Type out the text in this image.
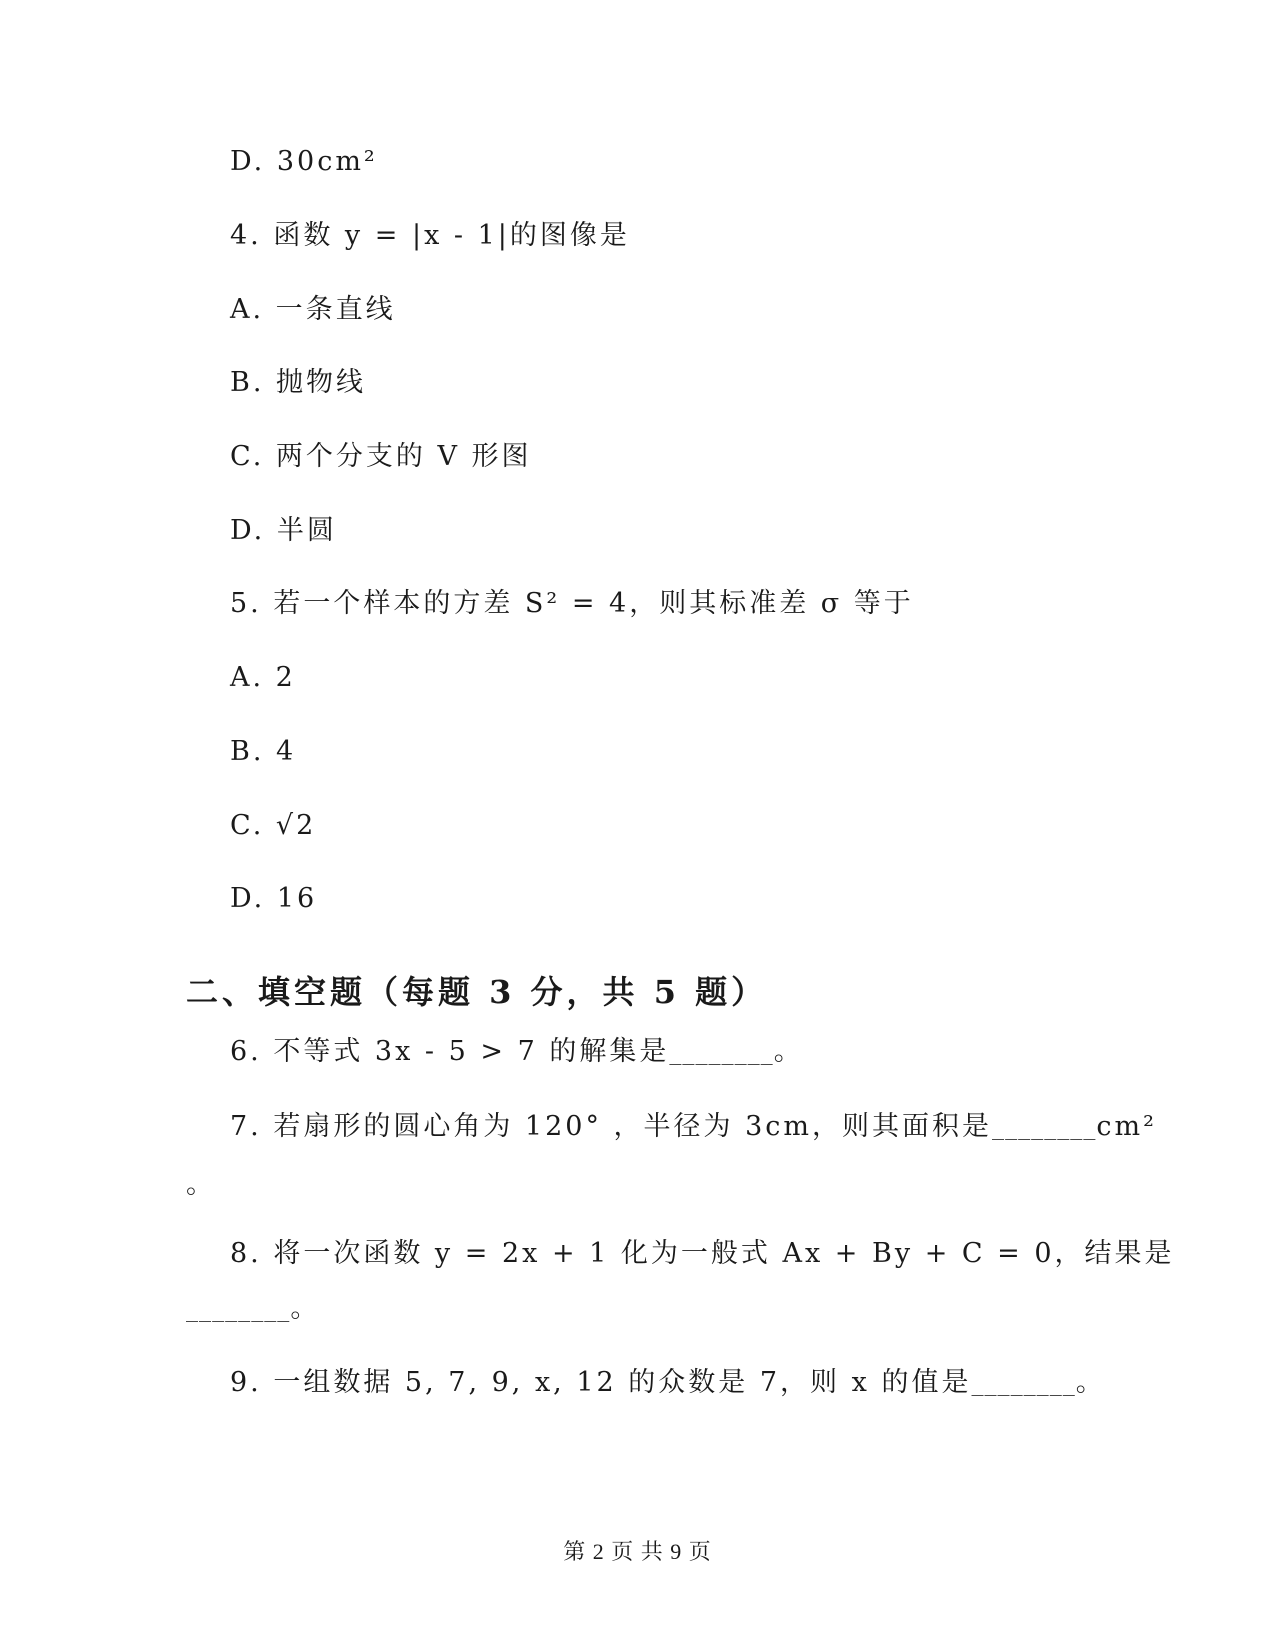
D. 30cm²
4. 函数 y = |x - 1|的图像是
A. 一条直线
B. 抛物线
C. 两个分支的 V 形图
D. 半圆
5. 若一个样本的方差 S² = 4，则其标准差 σ 等于
A. 2
B. 4
C. √2
D. 16
二、填空题（每题 3 分，共 5 题）
6. 不等式 3x - 5 > 7 的解集是________。
7. 若扇形的圆心角为 120° ，半径为 3cm，则其面积是________cm²
。
8. 将一次函数 y = 2x + 1 化为一般式 Ax + By + C = 0，结果是
________。
9. 一组数据 5, 7, 9, x, 12 的众数是 7，则 x 的值是________。
第 2 页 共 9 页
